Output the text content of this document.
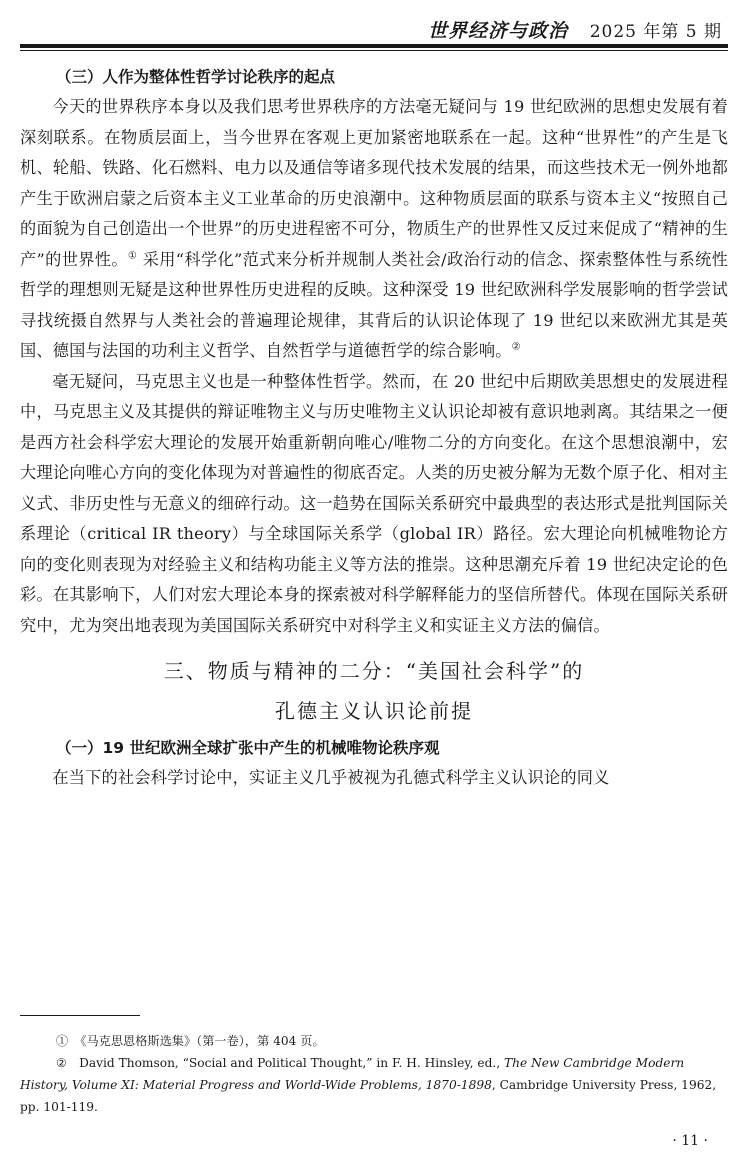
世界经济与政治 2025 年第 5 期
（三）人作为整体性哲学讨论秩序的起点

今天的世界秩序本身以及我们思考世界秩序的方法毫无疑问与 19 世纪欧洲的思想史发展有着深刻联系。在物质层面上，当今世界在客观上更加紧密地联系在一起。这种“世界性”的产生是飞机、轮船、铁路、化石燃料、电力以及通信等诸多现代技术发展的结果，而这些技术无一例外地都产生于欧洲启蒙之后资本主义工业革命的历史浪潮中。这种物质层面的联系与资本主义“按照自己的面貌为自己创造出一个世界”的历史进程密不可分，物质生产的世界性又反过来促成了“精神的生产”的世界性。① 采用“科学化”范式来分析并规制人类社会/政治行动的信念、探索整体性与系统性哲学的理想则无疑是这种世界性历史进程的反映。这种深受 19 世纪欧洲科学发展影响的哲学尝试寻找统摄自然界与人类社会的普遍理论规律，其背后的认识论体现了 19 世纪以来欧洲尤其是英国、德国与法国的功利主义哲学、自然哲学与道德哲学的综合影响。②

毫无疑问，马克思主义也是一种整体性哲学。然而，在 20 世纪中后期欧美思想史的发展进程中，马克思主义及其提供的辩证唯物主义与历史唯物主义认识论却被有意识地剥离。其结果之一便是西方社会科学宏大理论的发展开始重新朝向唯心/唯物二分的方向变化。在这个思想浪潮中，宏大理论向唯心方向的变化体现为对普遍性的彻底否定。人类的历史被分解为无数个原子化、相对主义式、非历史性与无意义的细碎行动。这一趋势在国际关系研究中最典型的表达形式是批判国际关系理论（critical IR theory）与全球国际关系学（global IR）路径。宏大理论向机械唯物论方向的变化则表现为对经验主义和结构功能主义等方法的推崇。这种思潮充斥着 19 世纪决定论的色彩。在其影响下，人们对宏大理论本身的探索被对科学解释能力的坚信所替代。体现在国际关系研究中，尤为突出地表现为美国国际关系研究中对科学主义和实证主义方法的偏信。

三、物质与精神的二分：“美国社会科学”的
孔德主义认识论前提
（一）19 世纪欧洲全球扩张中产生的机械唯物论秩序观

在当下的社会科学讨论中，实证主义几乎被视为孔德式科学主义认识论的同义

①　《马克思恩格斯选集》（第一卷），第 404 页。
②　David Thomson, “Social and Political Thought,” in F. H. Hinsley, ed., The New Cambridge Modern History, Volume XI: Material Progress and World-Wide Problems, 1870-1898, Cambridge University Press, 1962, pp. 101-119.
· 11 ·
